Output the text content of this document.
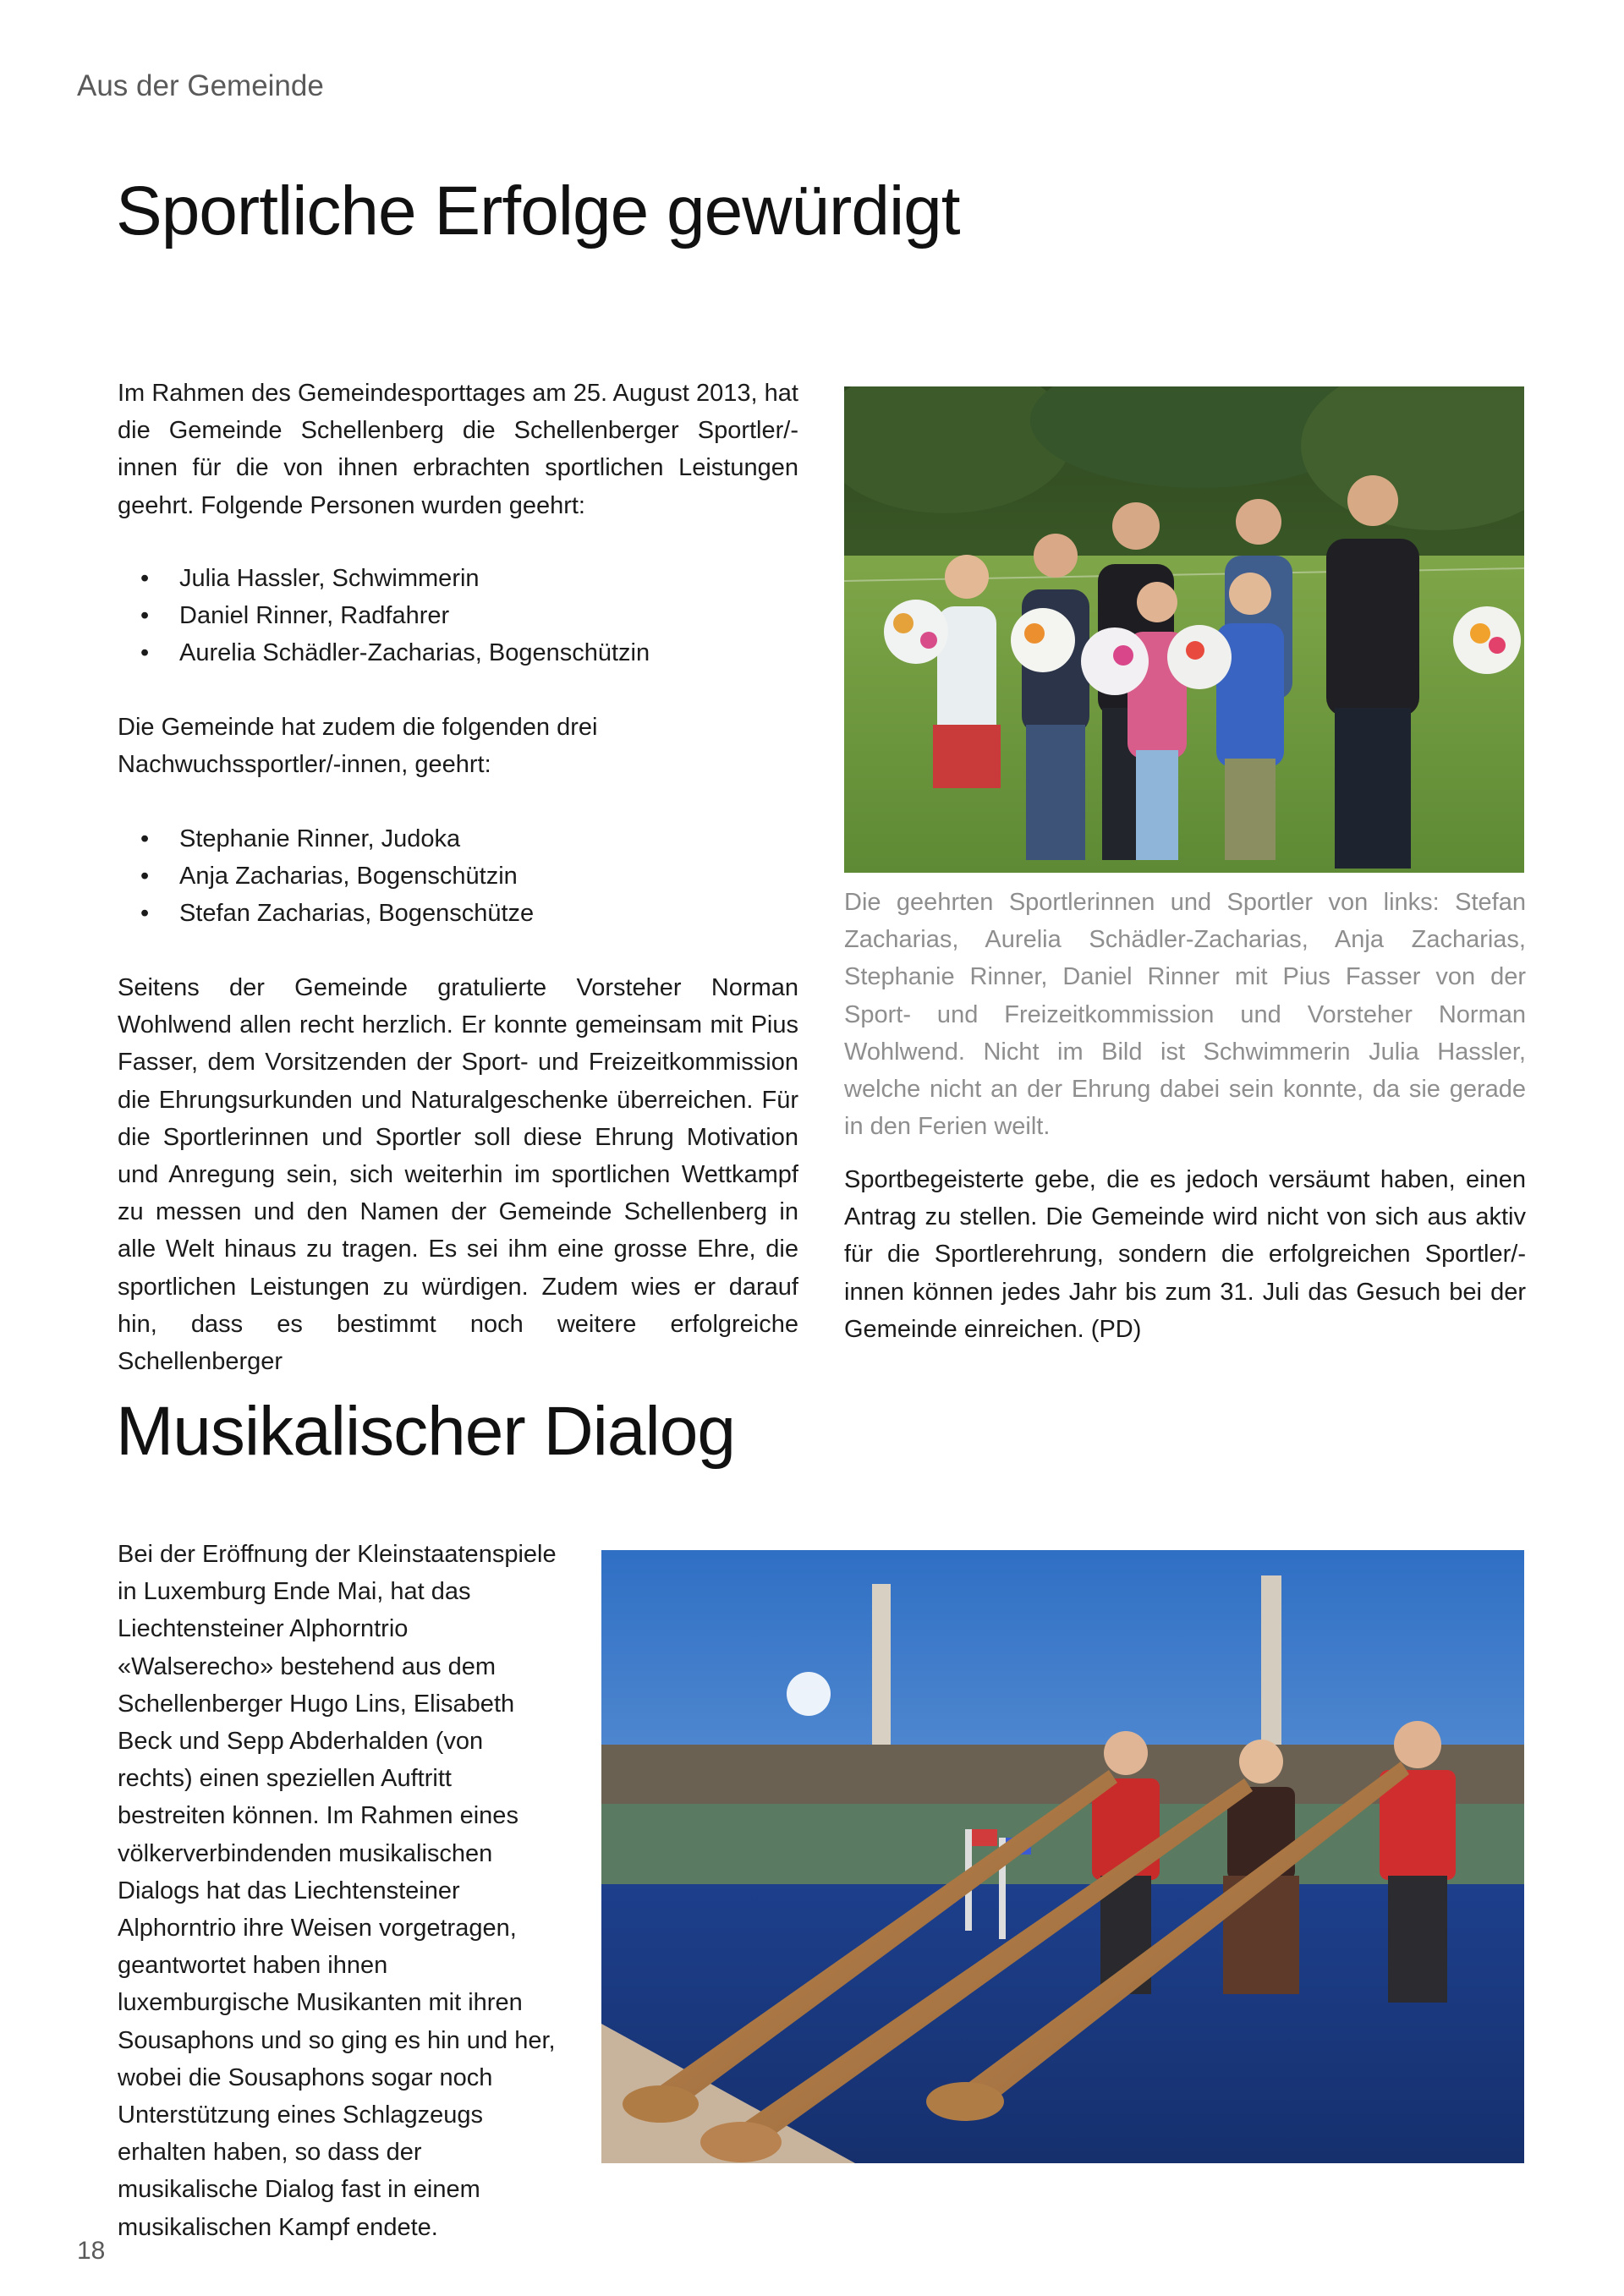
Aus der Gemeinde
Sportliche Erfolge gewürdigt

Im Rahmen des Gemeindesporttages am 25. August 2013, hat die Gemeinde Schellenberg die Schellenberger Sportler/-innen für die von ihnen erbrachten sportlichen Leistungen geehrt. Folgende Personen wurden geehrt:

• Julia Hassler, Schwimmerin
• Daniel Rinner, Radfahrer
• Aurelia Schädler-Zacharias, Bogenschützin

Die Gemeinde hat zudem die folgenden drei Nachwuchssportler/-innen, geehrt:

• Stephanie Rinner, Judoka
• Anja Zacharias, Bogenschützin
• Stefan Zacharias, Bogenschütze

Seitens der Gemeinde gratulierte Vorsteher Norman Wohlwend allen recht herzlich. Er konnte gemeinsam mit Pius Fasser, dem Vorsitzenden der Sport- und Freizeitkommission die Ehrungsurkunden und Naturalgeschenke überreichen. Für die Sportlerinnen und Sportler soll diese Ehrung Motivation und Anregung sein, sich weiterhin im sportlichen Wettkampf zu messen und den Namen der Gemeinde Schellenberg in alle Welt hinaus zu tragen. Es sei ihm eine grosse Ehre, die sportlichen Leistungen zu würdigen. Zudem wies er darauf hin, dass es bestimmt noch weitere erfolgreiche Schellenberger

Die geehrten Sportlerinnen und Sportler von links: Stefan Zacharias, Aurelia Schädler-Zacharias, Anja Zacharias, Stephanie Rinner, Daniel Rinner mit Pius Fasser von der Sport- und Freizeitkommission und Vorsteher Norman Wohlwend. Nicht im Bild ist Schwimmerin Julia Hassler, welche nicht an der Ehrung dabei sein konnte, da sie gerade in den Ferien weilt.

Sportbegeisterte gebe, die es jedoch versäumt haben, einen Antrag zu stellen. Die Gemeinde wird nicht von sich aus aktiv für die Sportlerehrung, sondern die erfolgreichen Sportler/-innen können jedes Jahr bis zum 31. Juli das Gesuch bei der Gemeinde einreichen. (PD)

Musikalischer Dialog

Bei der Eröffnung der Kleinstaatenspiele in Luxemburg Ende Mai, hat das Liechtensteiner Alphorntrio «Walserecho» bestehend aus dem Schellenberger Hugo Lins, Elisabeth Beck und Sepp Abderhalden (von rechts) einen speziellen Auftritt bestreiten können. Im Rahmen eines völkerverbindenden musikalischen Dialogs hat das Liechtensteiner Alphorntrio ihre Weisen vorgetragen, geantwortet haben ihnen luxemburgische Musikanten mit ihren Sousaphons und so ging es hin und her, wobei die Sousaphons sogar noch Unterstützung eines Schlagzeugs erhalten haben, so dass der musikalische Dialog fast in einem musikalischen Kampf endete.

18
